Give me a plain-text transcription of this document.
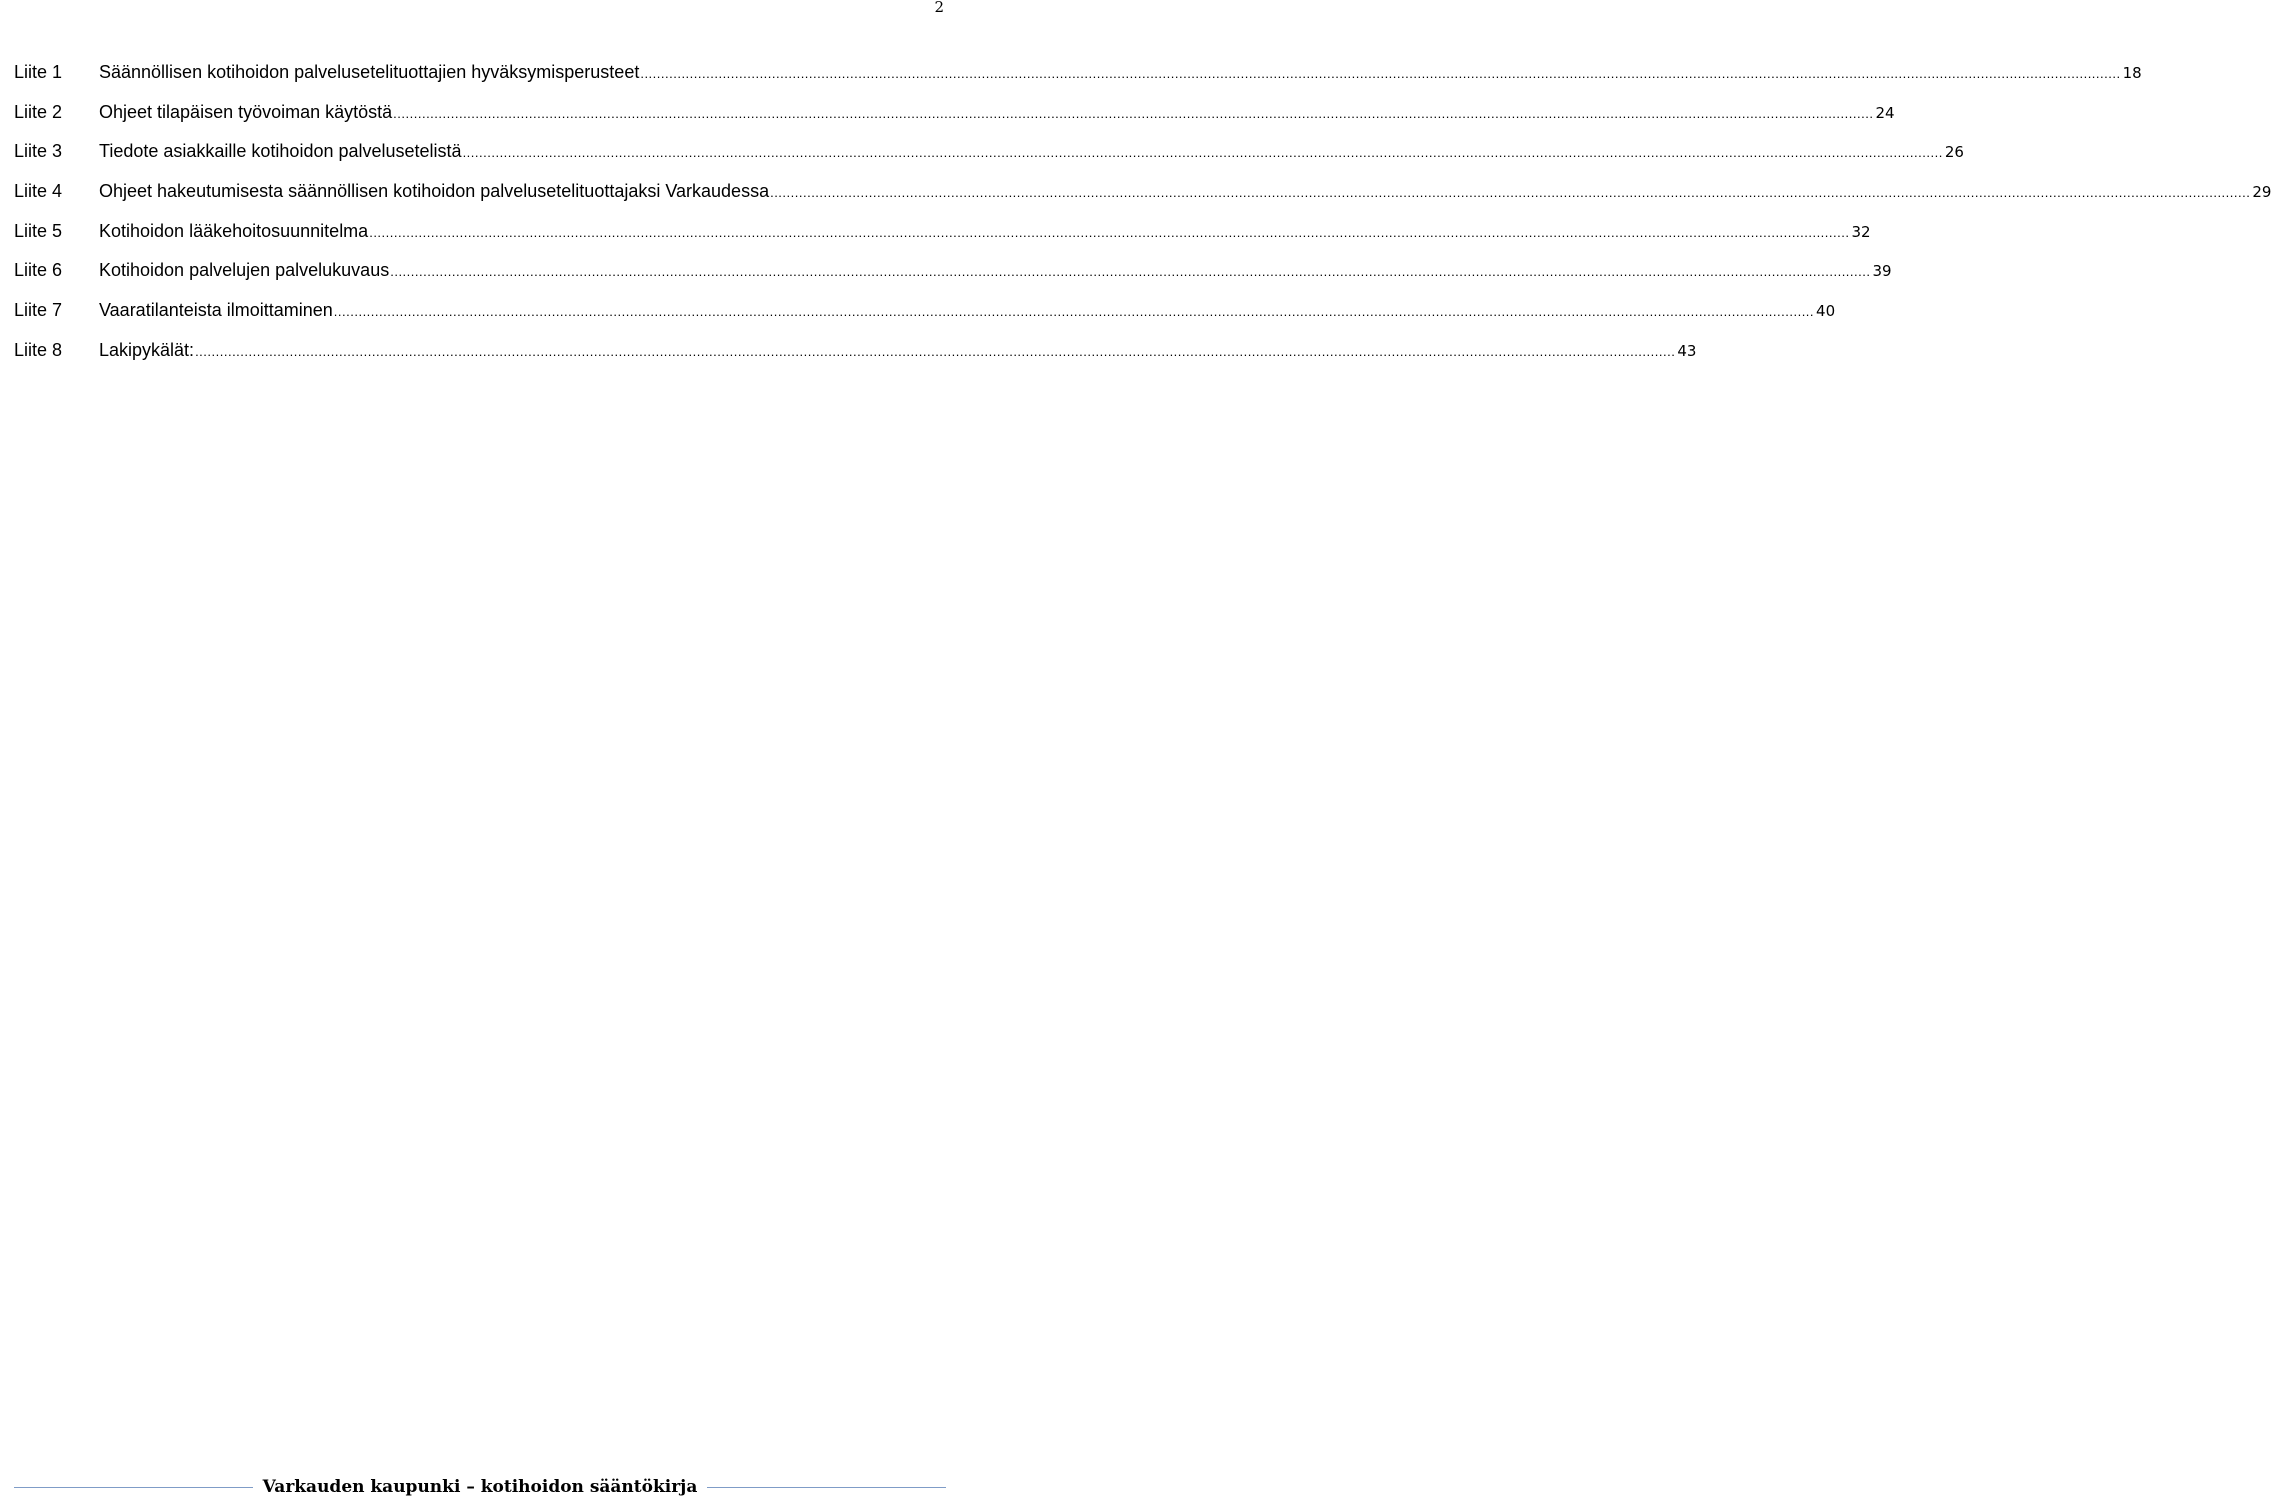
2
Liite 1	Säännöllisen kotihoidon palvelusetelituottajien hyväksymisperusteet .....	18
Liite 2	Ohjeet tilapäisen työvoiman käytöstä .....	24
Liite 3	Tiedote asiakkaille kotihoidon palvelusetelistä .....	26
Liite 4	Ohjeet hakeutumisesta säännöllisen kotihoidon palvelusetelituottajaksi Varkaudessa .....	29
Liite 5	Kotihoidon lääkehoitosuunnitelma .....	32
Liite 6	Kotihoidon palvelujen palvelukuvaus .....	39
Liite 7	Vaaratilanteista ilmoittaminen .....	40
Liite 8	Lakipykälät: .....	43
Varkauden kaupunki – kotihoidon sääntökirja
